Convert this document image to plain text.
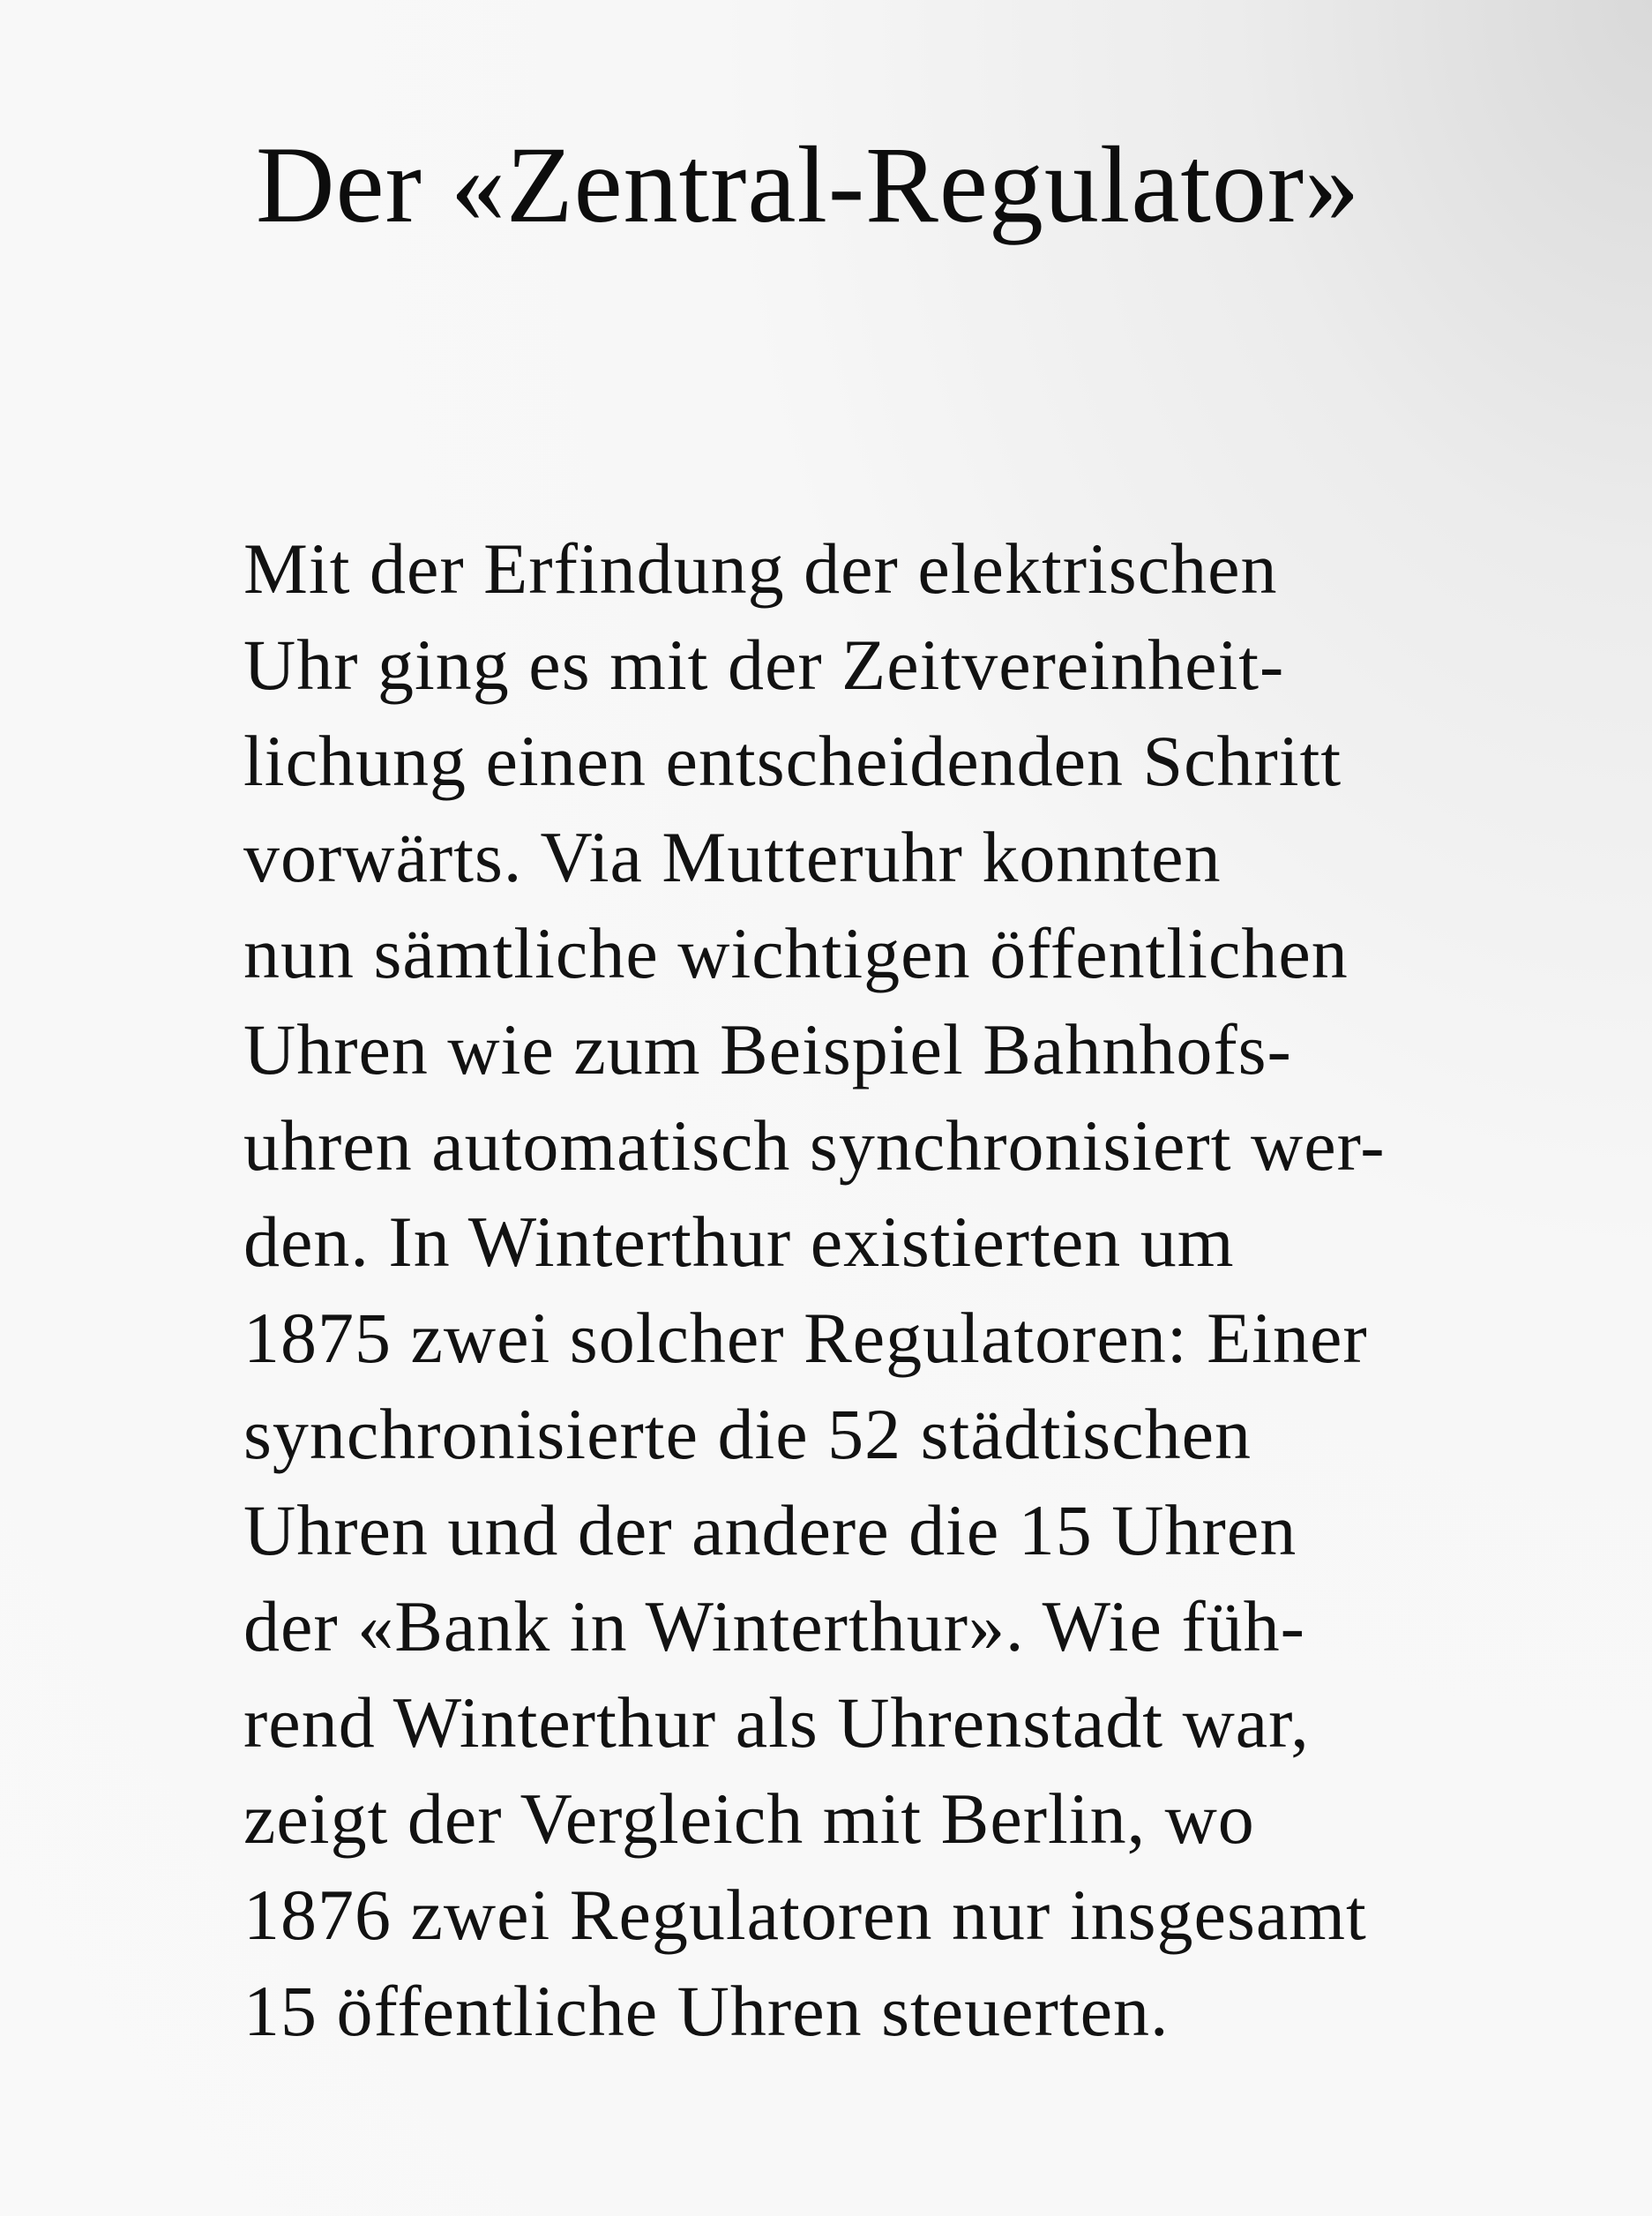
Der «Zentral-Regulator»
Mit der Erfindung der elektrischen
Uhr ging es mit der Zeitvereinheit-
lichung einen entscheidenden Schritt
vorwärts. Via Mutteruhr konnten
nun sämtliche wichtigen öffentlichen
Uhren wie zum Beispiel Bahnhofs-
uhren automatisch synchronisiert wer-
den. In Winterthur existierten um
1875 zwei solcher Regulatoren: Einer
synchronisierte die 52 städtischen
Uhren und der andere die 15 Uhren
der «Bank in Winterthur». Wie füh-
rend Winterthur als Uhrenstadt war,
zeigt der Vergleich mit Berlin, wo
1876 zwei Regulatoren nur insgesamt
15 öffentliche Uhren steuerten.
